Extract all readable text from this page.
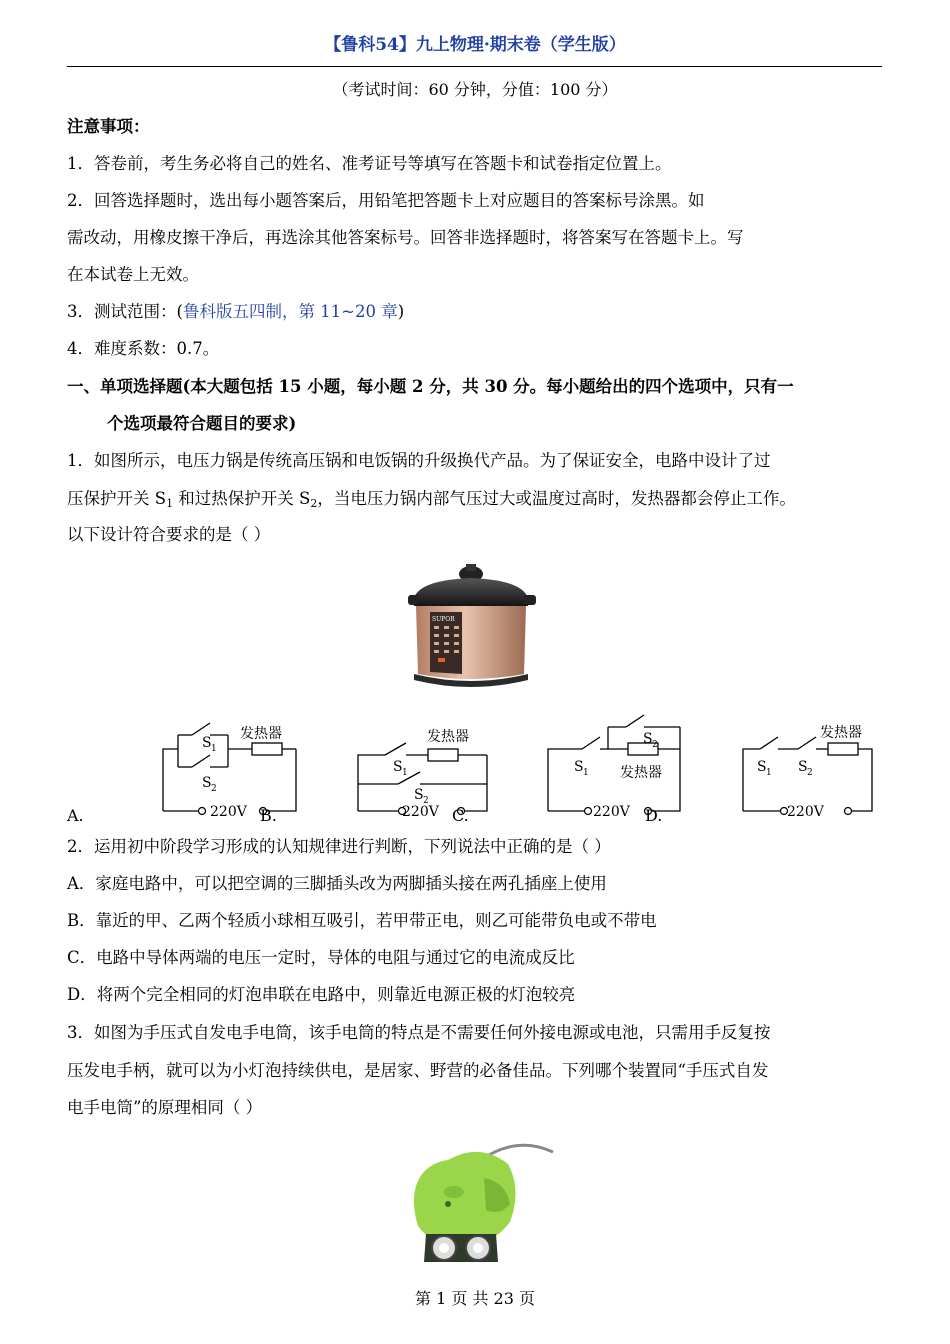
【鲁科54】九上物理·期末卷（学生版）
（考试时间：60 分钟，分值：100 分）
注意事项：
1．答卷前，考生务必将自己的姓名、准考证号等填写在答题卡和试卷指定位置上。
2．回答选择题时，选出每小题答案后，用铅笔把答题卡上对应题目的答案标号涂黑。如
需改动，用橡皮擦干净后，再选涂其他答案标号。回答非选择题时，将答案写在答题卡上。写
在本试卷上无效。
3．测试范围：(鲁科版五四制，第 11~20 章)
4．难度系数：0.7。
一、单项选择题(本大题包括 15 小题，每小题 2 分，共 30 分。每小题给出的四个选项中，只有一
个选项最符合题目的要求)
1．如图所示，电压力锅是传统高压锅和电饭锅的升级换代产品。为了保证安全，电路中设计了过
压保护开关 $S_1$ 和过热保护开关 $S_2$，当电压力锅内部气压过大或温度过高时，发热器都会停止工作。
以下设计符合要求的是（ ）
SUPOR
发热器
220V
S 1
S 2
发热器
220V
S 1
S 2
发热器
220V
S 1
S 2
发热器
220V
S 1 S 2
A.	B.	C.	D.
2．运用初中阶段学习形成的认知规律进行判断，下列说法中正确的是（ ）
A．家庭电路中，可以把空调的三脚插头改为两脚插头接在两孔插座上使用
B．靠近的甲、乙两个轻质小球相互吸引，若甲带正电，则乙可能带负电或不带电
C．电路中导体两端的电压一定时，导体的电阻与通过它的电流成反比
D．将两个完全相同的灯泡串联在电路中，则靠近电源正极的灯泡较亮
3．如图为手压式自发电手电筒，该手电筒的特点是不需要任何外接电源或电池，只需用手反复按
压发电手柄，就可以为小灯泡持续供电，是居家、野营的必备佳品。下列哪个装置同“手压式自发
电手电筒”的原理相同（ ）
第 1 页 共 23 页
